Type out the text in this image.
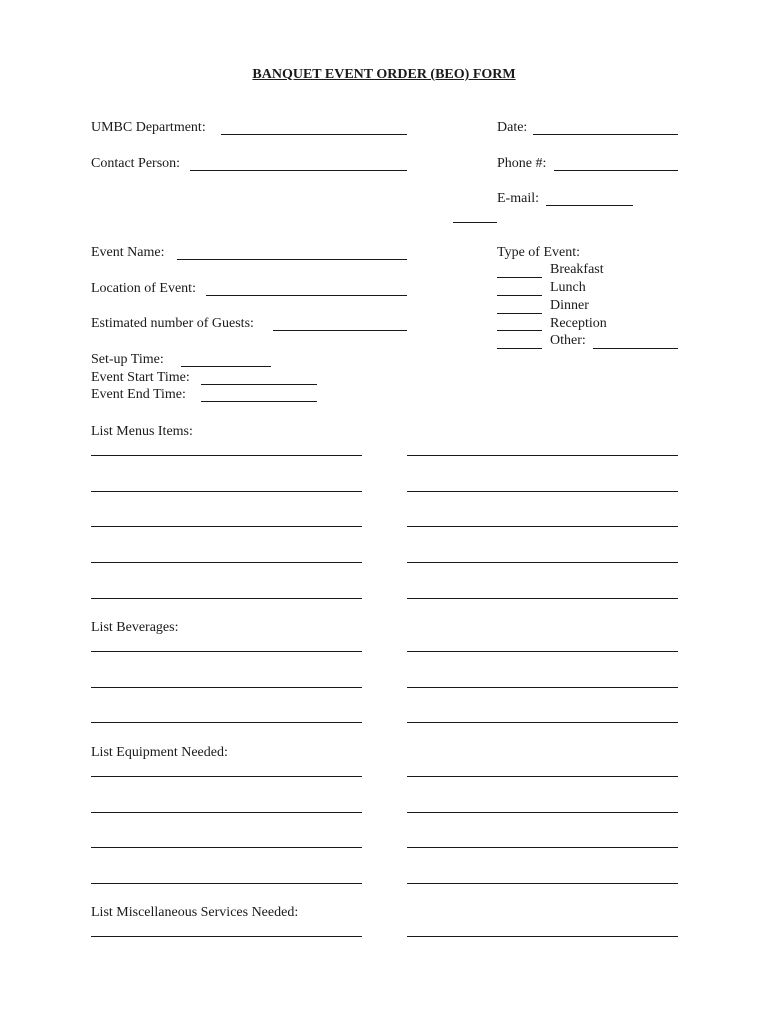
BANQUET EVENT ORDER (BEO) FORM
UMBC Department:
Contact Person:
Date:
Phone #:
E-mail:
Event Name:
Location of Event:
Estimated number of Guests:
Set-up Time:
Event Start Time:
Event End Time:
Type of Event:
Breakfast
Lunch
Dinner
Reception
Other:
List Menus Items:
List Beverages:
List Equipment Needed:
List Miscellaneous Services Needed:
